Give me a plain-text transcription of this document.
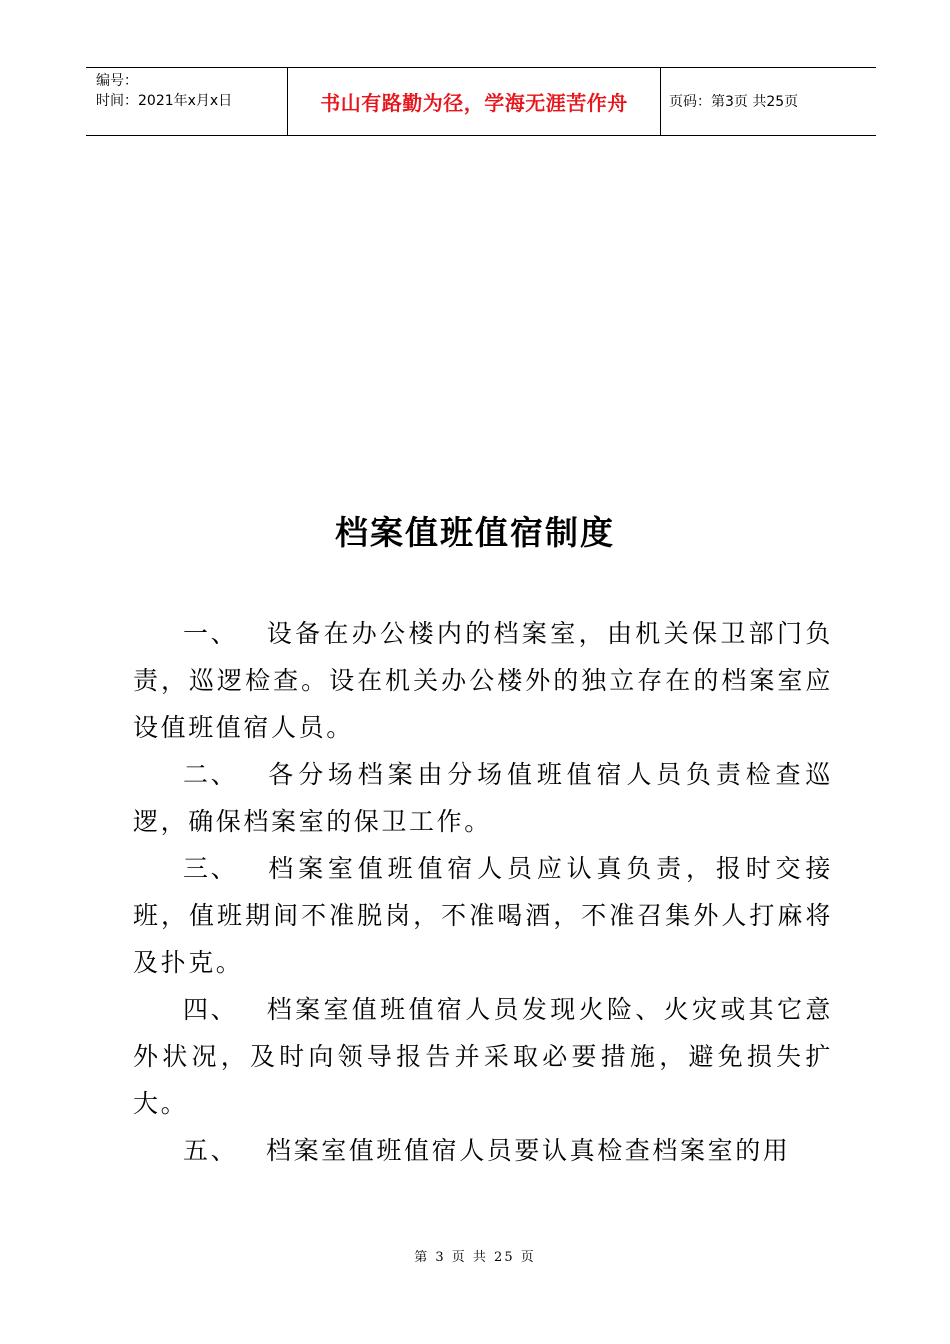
编号：
时间：2021年x月x日	书山有路勤为径，学海无涯苦作舟	页码：第3页 共25页
档案值班值宿制度

一、 设备在办公楼内的档案室，由机关保卫部门负责，巡逻检查。设在机关办公楼外的独立存在的档案室应设值班值宿人员。

二、 各分场档案由分场值班值宿人员负责检查巡逻，确保档案室的保卫工作。

三、 档案室值班值宿人员应认真负责，报时交接班，值班期间不准脱岗，不准喝酒，不准召集外人打麻将及扑克。

四、 档案室值班值宿人员发现火险、火灾或其它意外状况，及时向领导报告并采取必要措施，避免损失扩大。

五、 档案室值班值宿人员要认真检查档案室的用

第 3 页 共 25 页
